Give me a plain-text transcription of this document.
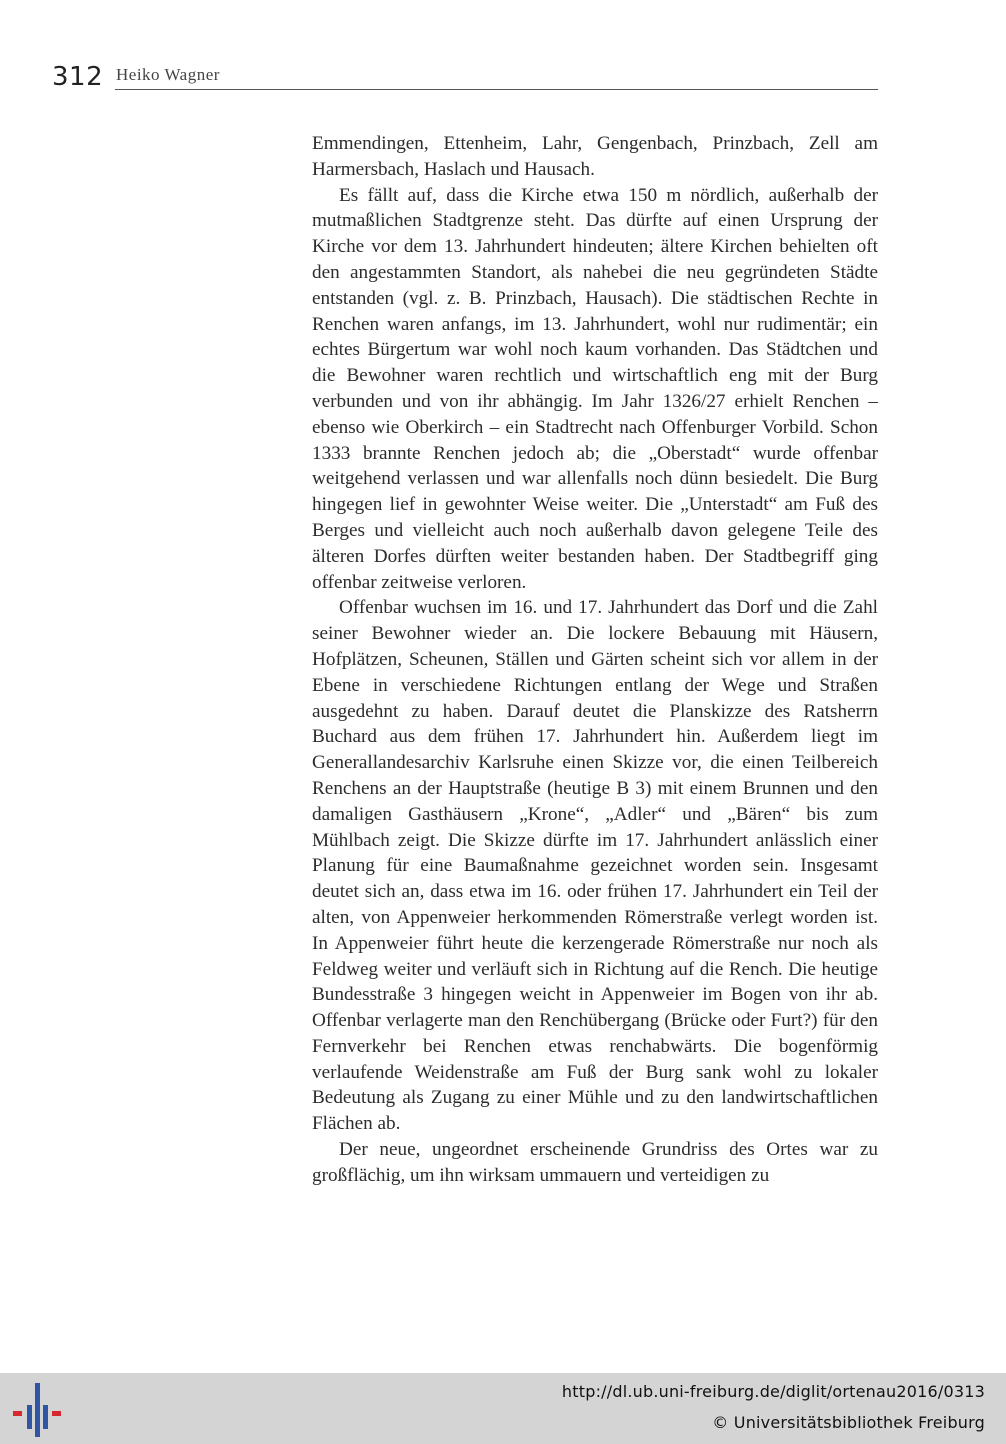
312 Heiko Wagner

Emmendingen, Ettenheim, Lahr, Gengenbach, Prinzbach, Zell am Harmersbach, Haslach und Hausach.

Es fällt auf, dass die Kirche etwa 150 m nördlich, außerhalb der mutmaßlichen Stadtgrenze steht. Das dürfte auf einen Ursprung der Kirche vor dem 13. Jahrhundert hindeuten; ältere Kirchen behielten oft den angestammten Standort, als nahebei die neu gegründeten Städte entstanden (vgl. z. B. Prinzbach, Hausach). Die städtischen Rechte in Renchen waren anfangs, im 13. Jahrhundert, wohl nur rudimentär; ein echtes Bürgertum war wohl noch kaum vorhanden. Das Städtchen und die Bewohner waren rechtlich und wirtschaftlich eng mit der Burg verbunden und von ihr abhängig. Im Jahr 1326/27 erhielt Renchen – ebenso wie Oberkirch – ein Stadtrecht nach Offenburger Vorbild. Schon 1333 brannte Renchen jedoch ab; die „Oberstadt“ wurde offenbar weitgehend verlassen und war allenfalls noch dünn besiedelt. Die Burg hingegen lief in gewohnter Weise weiter. Die „Unterstadt“ am Fuß des Berges und vielleicht auch noch außerhalb davon gelegene Teile des älteren Dorfes dürften weiter bestanden haben. Der Stadtbegriff ging offenbar zeitweise verloren.

Offenbar wuchsen im 16. und 17. Jahrhundert das Dorf und die Zahl seiner Bewohner wieder an. Die lockere Bebauung mit Häusern, Hofplätzen, Scheunen, Ställen und Gärten scheint sich vor allem in der Ebene in verschiedene Richtungen entlang der Wege und Straßen ausgedehnt zu haben. Darauf deutet die Planskizze des Ratsherrn Buchard aus dem frühen 17. Jahrhundert hin. Außerdem liegt im Generallandesarchiv Karlsruhe einen Skizze vor, die einen Teilbereich Renchens an der Hauptstraße (heutige B 3) mit einem Brunnen und den damaligen Gasthäusern „Krone“, „Adler“ und „Bären“ bis zum Mühlbach zeigt. Die Skizze dürfte im 17. Jahrhundert anlässlich einer Planung für eine Baumaßnahme gezeichnet worden sein. Insgesamt deutet sich an, dass etwa im 16. oder frühen 17. Jahrhundert ein Teil der alten, von Appenweier herkommenden Römerstraße verlegt worden ist. In Appenweier führt heute die kerzengerade Römerstraße nur noch als Feldweg weiter und verläuft sich in Richtung auf die Rench. Die heutige Bundesstraße 3 hingegen weicht in Appenweier im Bogen von ihr ab. Offenbar verlagerte man den Renchübergang (Brücke oder Furt?) für den Fernverkehr bei Renchen etwas renchabwärts. Die bogenförmig verlaufende Weidenstraße am Fuß der Burg sank wohl zu lokaler Bedeutung als Zugang zu einer Mühle und zu den landwirtschaftlichen Flächen ab.

Der neue, ungeordnet erscheinende Grundriss des Ortes war zu großflächig, um ihn wirksam ummauern und verteidigen zu

http://dl.ub.uni-freiburg.de/diglit/ortenau2016/0313
© Universitätsbibliothek Freiburg
